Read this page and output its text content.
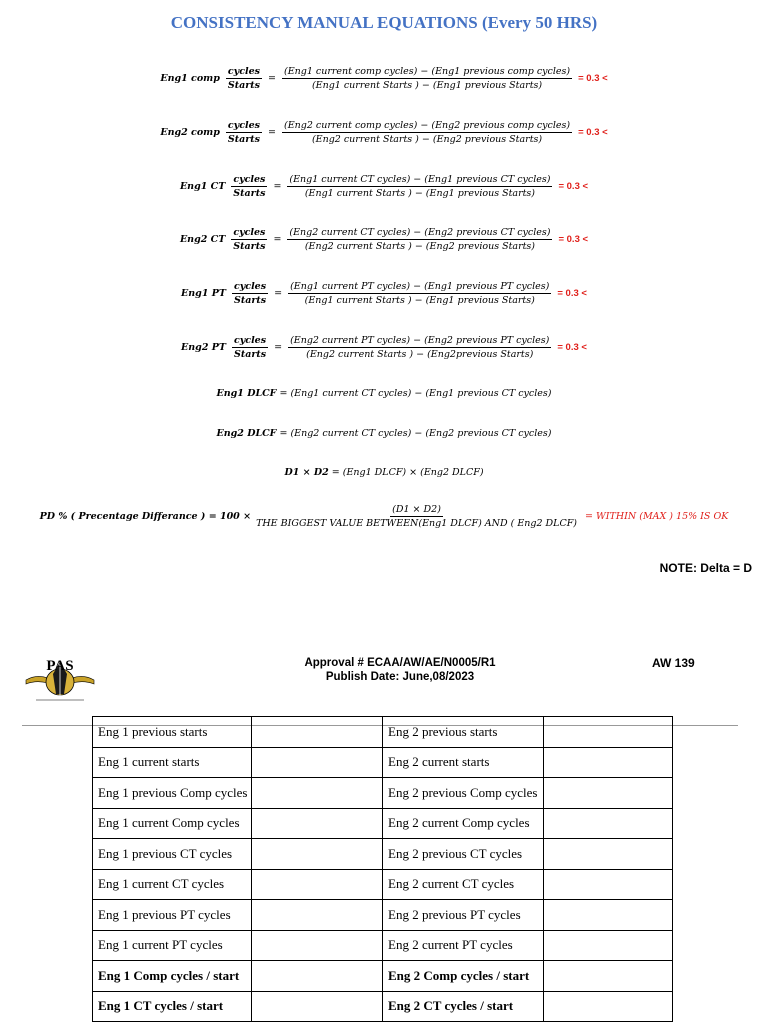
CONSISTENCY MANUAL EQUATIONS (Every 50 HRS)
Eng1 comp $\frac{\text{cycles}}{\text{Starts}} = \frac{\text{(Eng1 current comp cycles) − (Eng1 previous comp cycles)}}{\text{(Eng1 current Starts ) − (Eng1 previous Starts)}} = 0.3$ <
Eng2 comp $\frac{\text{cycles}}{\text{Starts}} = \frac{\text{(Eng2 current comp cycles) − (Eng2 previous comp cycles)}}{\text{(Eng2 current Starts ) − (Eng2 previous Starts)}} = 0.3$ <
Eng1 CT $\frac{\text{cycles}}{\text{Starts}} = \frac{\text{(Eng1 current CT cycles) − (Eng1 previous CT cycles)}}{\text{(Eng1 current Starts ) − (Eng1 previous Starts)}} = 0.3$ <
Eng2 CT $\frac{\text{cycles}}{\text{Starts}} = \frac{\text{(Eng2 current CT cycles) − (Eng2 previous CT cycles)}}{\text{(Eng2 current Starts ) − (Eng2 previous Starts)}} = 0.3$ <
Eng1 PT $\frac{\text{cycles}}{\text{Starts}} = \frac{\text{(Eng1 current PT cycles) − (Eng1 previous PT cycles)}}{\text{(Eng1 current Starts ) − (Eng1 previous Starts)}} = 0.3$ <
Eng2 PT $\frac{\text{cycles}}{\text{Starts}} = \frac{\text{(Eng2 current PT cycles) − (Eng2 previous PT cycles)}}{\text{(Eng2 current Starts ) − (Eng2previous Starts)}} = 0.3$ <
Eng1 DLCF
= (Eng1 current CT cycles) − (Eng1 previous CT cycles)
Eng2 DLCF
= (Eng2 current CT cycles) − (Eng2 previous CT cycles)
D1 × D2
= (Eng1 DLCF) × (Eng2 DLCF)
PD % ( Precentage Differance ) = $100 \times \frac{(D1 \times D2)}{\text{THE BIGGEST VALUE BETWEEN(Eng1 DLCF) AND ( Eng2 DLCF)}}$ = WITHIN (MAX ) 15% IS OK
NOTE: Delta = D
PAS	Approval # ECAA/AW/AE/N0005/R1
Publish Date: June,08/2023
AW 139
Eng 1 previous starts		Eng 2 previous starts	
Eng 1 current starts		Eng 2 current starts	
Eng 1 previous Comp cycles		Eng 2 previous Comp cycles	
Eng 1 current Comp cycles		Eng 2 current Comp cycles	
Eng 1 previous CT cycles		Eng 2 previous CT cycles	
Eng 1 current CT cycles		Eng 2 current CT cycles	
Eng 1 previous PT cycles		Eng 2 previous PT cycles	
Eng 1 current PT cycles		Eng 2 current PT cycles	
Eng 1 Comp cycles / start		Eng 2 Comp cycles / start	
Eng 1 CT cycles / start		Eng 2 CT cycles / start	
